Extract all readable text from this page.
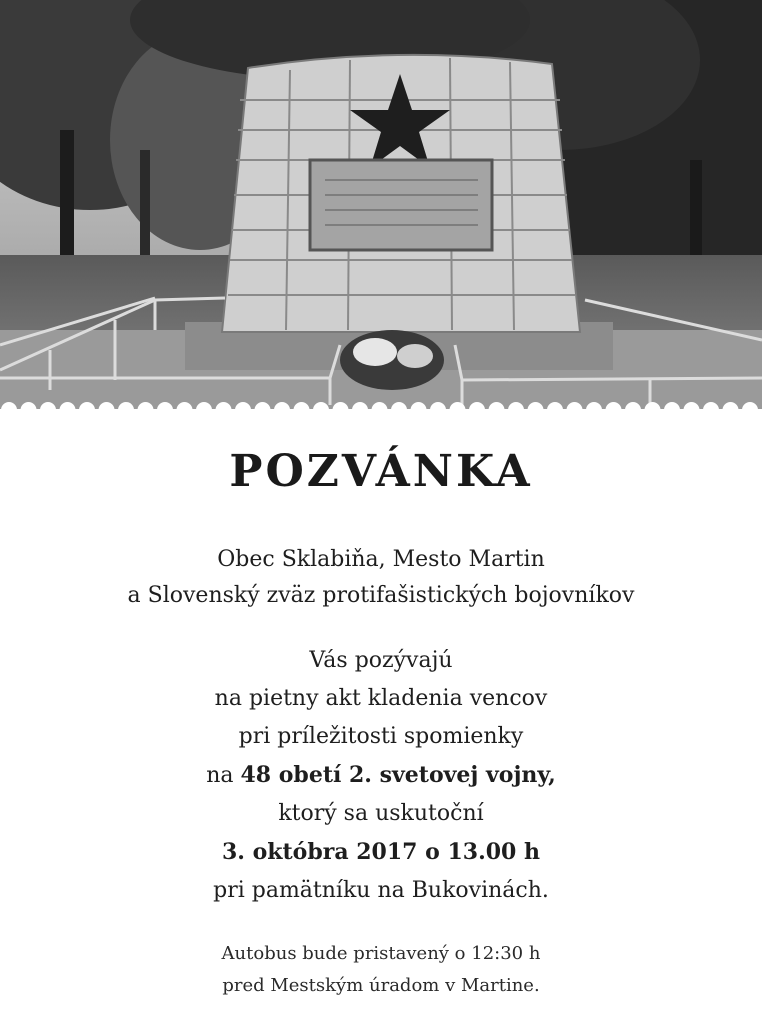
POZVÁNKA
Obec Sklabiňa, Mesto Martin
a Slovenský zväz protifašistických bojovníkov
Vás pozývajú
na pietny akt kladenia vencov
pri príležitosti spomienky
na 48 obetí 2. svetovej vojny,
ktorý sa uskutoční
3. októbra 2017 o 13.00 h
pri pamätníku na Bukovinách.
Autobus bude pristavený o 12:30 h
pred Mestským úradom v Martine.
